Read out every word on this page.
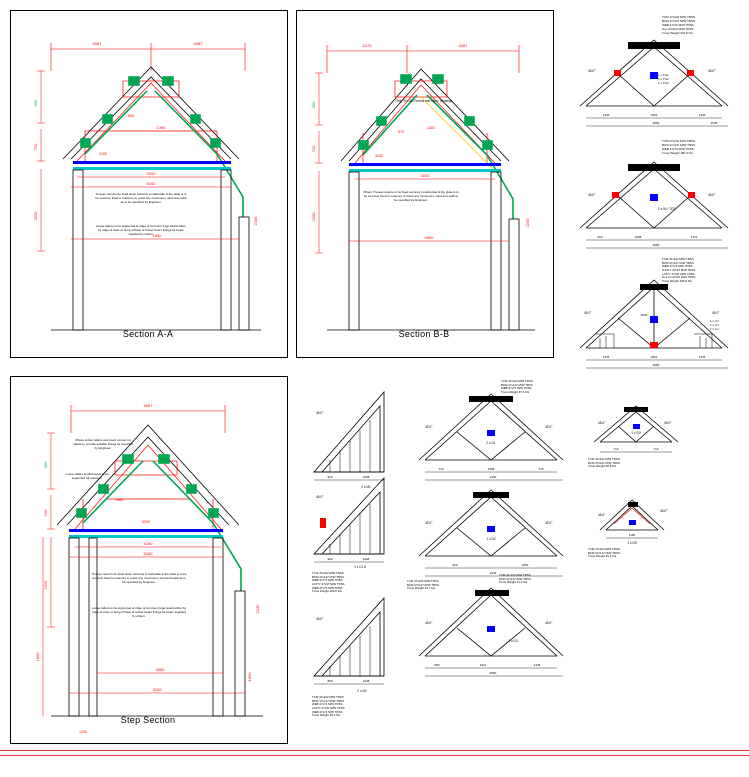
4087	4087
900
720
2225
2235
4200
5160
1900
500
1390
3160
Trusses need to be fixed down securely to wall-plate & the plate is to be securely fixed to masonry to resist any movement, wind and uplift as to be specified by Engineer.
Loose rafters to be supported at ridge of common ridge board either by ridge of truss or hung off face of timber beam fixings for beam supplied by others.
Section A-A
2470	4287
900
720
2200
2235
4020
5800
570
1500
3430
Only 47x100 Purlins and Hips / Bindings
Where Trusses require to be fixed securely to wall-plate & the plate is to be securely fixed to masonry to resist any movement, wind and uplift to be specified by Engineer.
Section B-B
4087
900
720
2225
1500
2235
1900
4200
5160
4050
3200
1360
3200
1200
Where timber rafters and posts connect to masonry, provide suitable fixings as specified by Engineer.
Loose rafters at abutments to be supported off masonry.
Trusses need to be fixed down securely to wall-plate & the plate is to be securely fixed to masonry to resist any movement, wind and uplift as to be specified by Engineer.
Loose rafters to be supported at ridge of common ridge board either by ridge of truss or hung off face of timber beam fixings for beam supplied by others.
Step Section
45.0°	45.0°
TCM 47x222 M/W TRSS
BCM 47x147 M/W TRSS
WEB 47x72 M/W TRSS
2no 47x222 M/W TRSS
Truss Weight 224.8 KG
1 x TG1
1 x TG2
1 x TG3
1445	1821	1445
4060	1545
45.0°	45.0°
TCM 47x222 M/W TRSS
BCM 47x147 M/W TRSS
WEB 47x72 M/W TRSS
Truss Weight 180.4 KG
1 x 54 / TG3
660	1008	1721
4060
45.0°	45.0°
TCM 47x222 M/W TRSS
BCM 47x147 M/W TRSS
WEB 47x72 M/W TRSS
CJ/ALT 47x97 M/W TRSS
LATTY 47x97 M/W TRSS
Nos CJ 47x97 M/W TRSS
Truss Weight 196.8 KG
2000
1 x CJ
1 x CJ
1 x CJ
1445	1821	1445
4060
45.0°
2 x M1
900	1008
45.0°
1 x CJ A
900	1008
TCM 47x222 M/W TRSS
BCM 47x147 M/W TRSS
WEB 47x72 M/W TRSS
LATTY 47x97 M/W TRSS
WEB 47x72 M/W TRSS
Truss Weight 180.0 KG
45.0°
2 x M2
800	1048
TCM 47x222 M/W TRSS
BCM 47x147 M/W TRSS
WEB 47x72 M/W TRSS
LATTY 47x97 M/W TRSS
WEB 47x72 M/W TRSS
Truss Weight 98.0 KG
45.0°	45.0°
TCM 47x222 M/W TRSS
BCM 47x147 M/W TRSS
WEB 47x72 M/W TRSS
Truss Weight 37.4 KG
2 x G1
716	1008	716
2400
45.0°	45.0°
1 x G2
960	1060
2640
TCM 47x222 M/W TRSS
BCM 47x147 M/W TRSS
Truss Weight 34.7 KG
45.0°	45.0°
TCM 47x222 M/W TRSS
BCM 47x147 M/W TRSS
Truss Weight 41.2 KG
1 x G3
580	1021	1445
3660
45.0°	45.0°
1 x G4
716	716
TCM 47x222 M/W TRSS
BCM 47x147 M/W TRSS
Truss Weight 38.8 KG
45.0°
45.0°
1 x G5
1160
TCM 47x222 M/W TRSS
BCM 47x147 M/W TRSS
Truss Weight 19.1 KG
